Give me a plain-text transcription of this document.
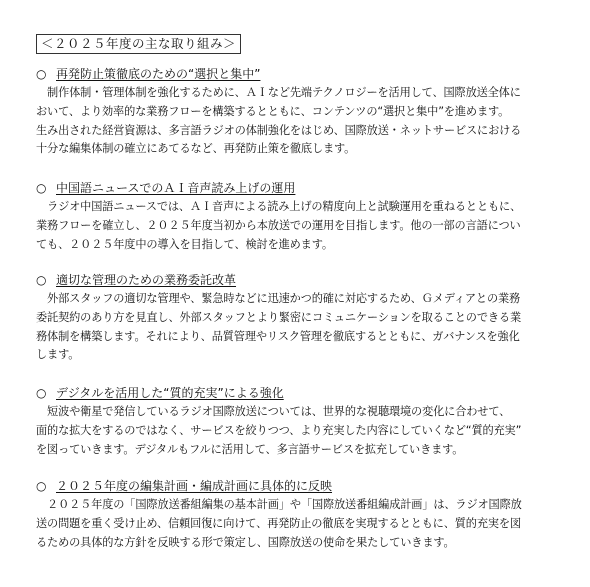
＜２０２５年度の主な取り組み＞
○ 再発防止策徹底のための“選択と集中”
　制作体制・管理体制を強化するために、ＡＩなど先端テクノロジーを活用して、国際放送全体に
おいて、より効率的な業務フローを構築するとともに、コンテンツの“選択と集中”を進めます。
生み出された経営資源は、多言語ラジオの体制強化をはじめ、国際放送・ネットサービスにおける
十分な編集体制の確立にあてるなど、再発防止策を徹底します。
○ 中国語ニュースでのＡＩ音声読み上げの運用
　ラジオ中国語ニュースでは、ＡＩ音声による読み上げの精度向上と試験運用を重ねるとともに、
業務フローを確立し、２０２５年度当初から本放送での運用を目指します。他の一部の言語につい
ても、２０２５年度中の導入を目指して、検討を進めます。
○ 適切な管理のための業務委託改革
　外部スタッフの適切な管理や、緊急時などに迅速かつ的確に対応するため、Ｇメディアとの業務
委託契約のあり方を見直し、外部スタッフとより緊密にコミュニケーションを取ることのできる業
務体制を構築します。それにより、品質管理やリスク管理を徹底するとともに、ガバナンスを強化
します。
○ デジタルを活用した“質的充実”による強化
　短波や衛星で発信しているラジオ国際放送については、世界的な視聴環境の変化に合わせて、
面的な拡大をするのではなく、サービスを絞りつつ、より充実した内容にしていくなど“質的充実”
を図っていきます。デジタルもフルに活用して、多言語サービスを拡充していきます。
○ ２０２５年度の編集計画・編成計画に具体的に反映
　２０２５年度の「国際放送番組編集の基本計画」や「国際放送番組編成計画」は、ラジオ国際放
送の問題を重く受け止め、信頼回復に向けて、再発防止の徹底を実現するとともに、質的充実を図
るための具体的な方針を反映する形で策定し、国際放送の使命を果たしていきます。
